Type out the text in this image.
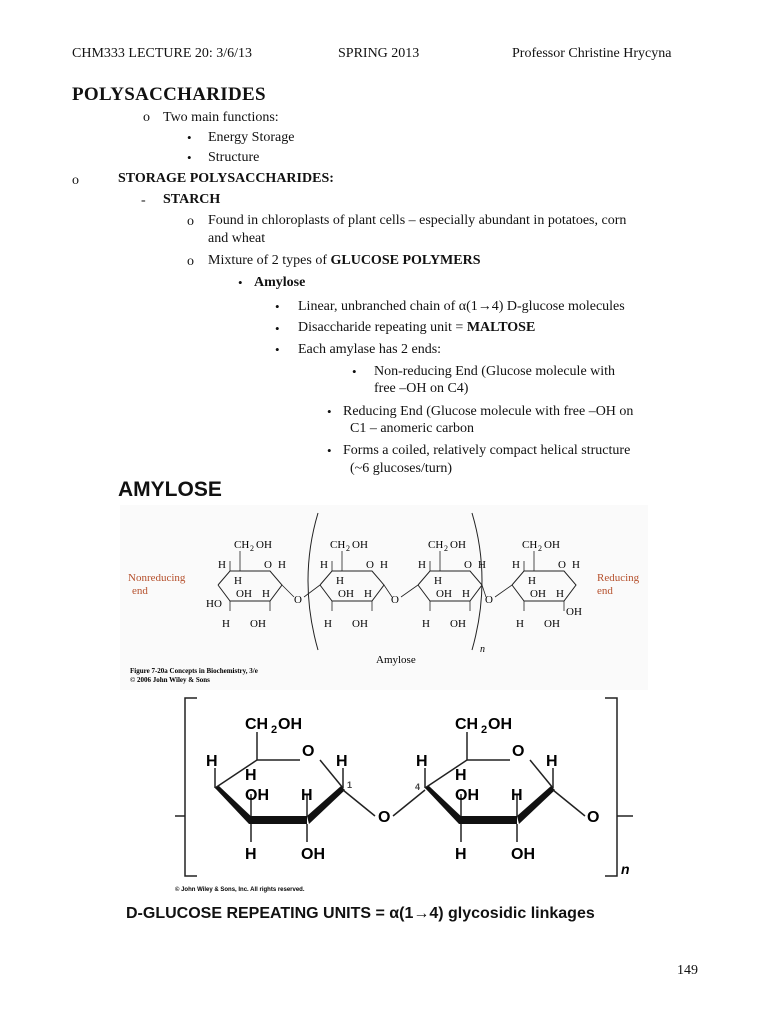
CHM333 LECTURE 20: 3/6/13	SPRING 2013	Professor Christine Hrycyna
POLYSACCHARIDES
o Two main functions:
• Energy Storage
• Structure
o	STORAGE POLYSACCHARIDES:
- STARCH
o Found in chloroplasts of plant cells – especially abundant in potatoes, corn
and wheat
o Mixture of 2 types of GLUCOSE POLYMERS
• Amylose
• Linear, unbranched chain of α(1→4) D-glucose molecules
• Disaccharide repeating unit = MALTOSE
• Each amylase has 2 ends:
• Non-reducing End (Glucose molecule with
free –OH on C4)
• Reducing End (Glucose molecule with free –OH on
C1 – anomeric carbon
• Forms a coiled, relatively compact helical structure
(~6 glucoses/turn)
AMYLOSE
Nonreducing
end
Reducing
end
CH 2 OH
O H
H
H
OH H
HO
H OH
CH 2 OH
O H
H
H
OH H
H OH
CH 2 OH
O H
H
H
OH H
H OH
CH 2 OH
O H
H
H
OH H
OH
H OH
O	O	O
Amylose
n
Figure 7-20a Concepts in Biochemistry, 3/e
© 2006 John Wiley & Sons
CH 2 OH
O
H	H
H
OH H
H	OH
1
O
4
CH 2 OH
O
H	H
H
OH H
H	OH
O
n
© John Wiley & Sons, Inc. All rights reserved.
D-GLUCOSE REPEATING UNITS = α(1→4) glycosidic linkages
149
